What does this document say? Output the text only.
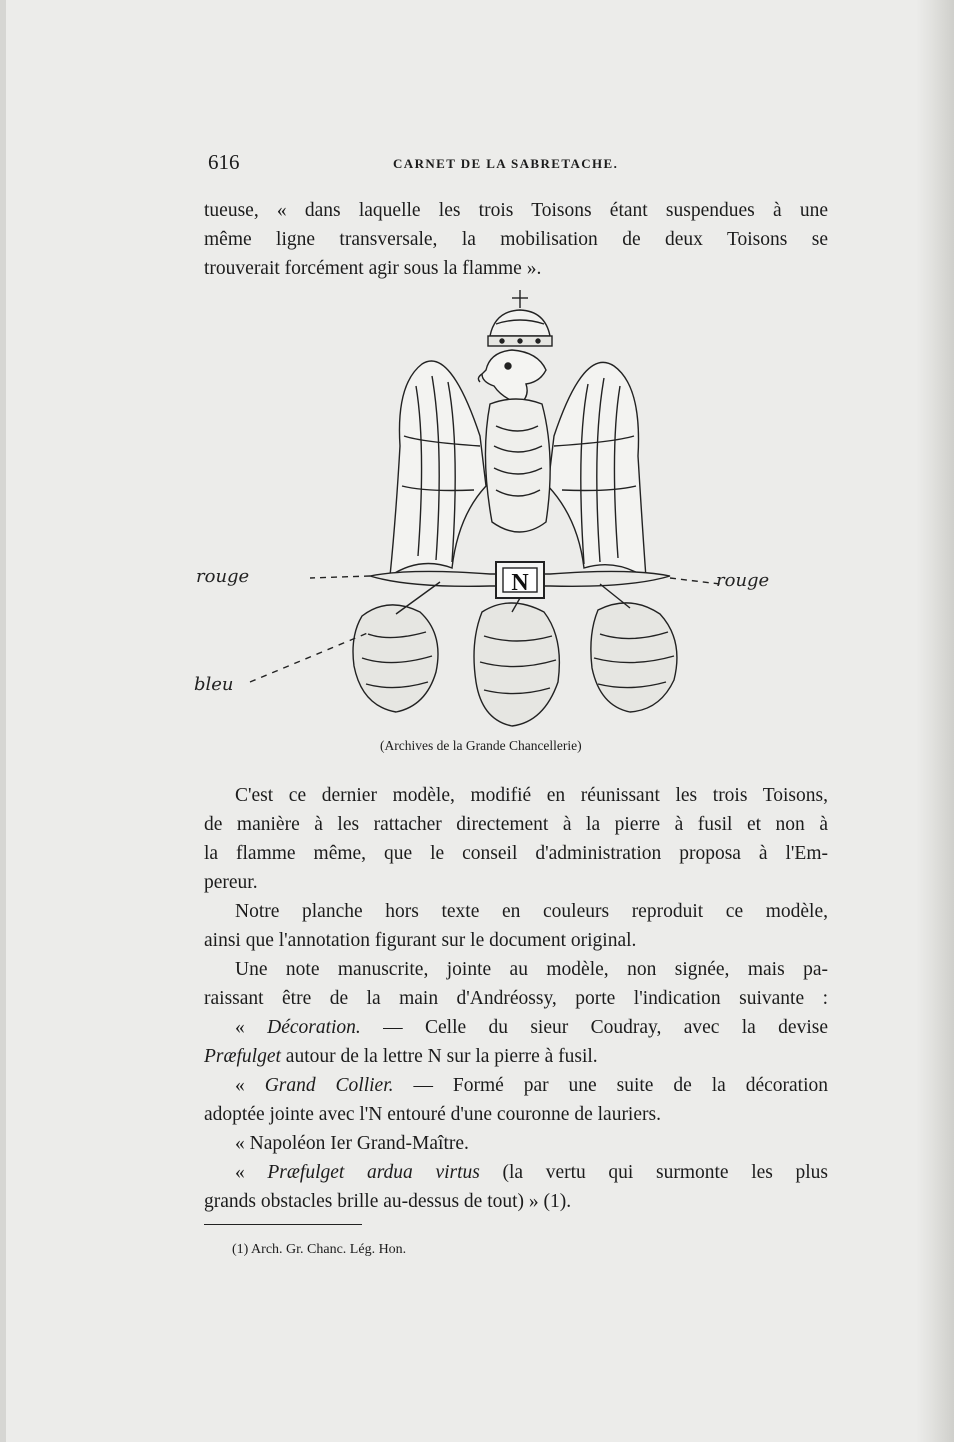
616	CARNET DE LA SABRETACHE.
tueuse, « dans laquelle les trois Toisons étant suspendues à une
même ligne transversale, la mobilisation de deux Toisons se
trouverait forcément agir sous la flamme ».
N
rouge	rouge
bleu
(Archives de la Grande Chancellerie)
C'est ce dernier modèle, modifié en réunissant les trois Toisons,
de manière à les rattacher directement à la pierre à fusil et non à
la flamme même, que le conseil d'administration proposa à l'Em-
pereur.
Notre planche hors texte en couleurs reproduit ce modèle,
ainsi que l'annotation figurant sur le document original.
Une note manuscrite, jointe au modèle, non signée, mais pa-
raissant être de la main d'Andréossy, porte l'indication suivante :
« Décoration. — Celle du sieur Coudray, avec la devise
Præfulget autour de la lettre N sur la pierre à fusil.
« Grand Collier. — Formé par une suite de la décoration
adoptée jointe avec l'N entouré d'une couronne de lauriers.
« Napoléon Ier Grand-Maître.
« Præfulget ardua virtus (la vertu qui surmonte les plus
grands obstacles brille au-dessus de tout) » (1).
(1) Arch. Gr. Chanc. Lég. Hon.
